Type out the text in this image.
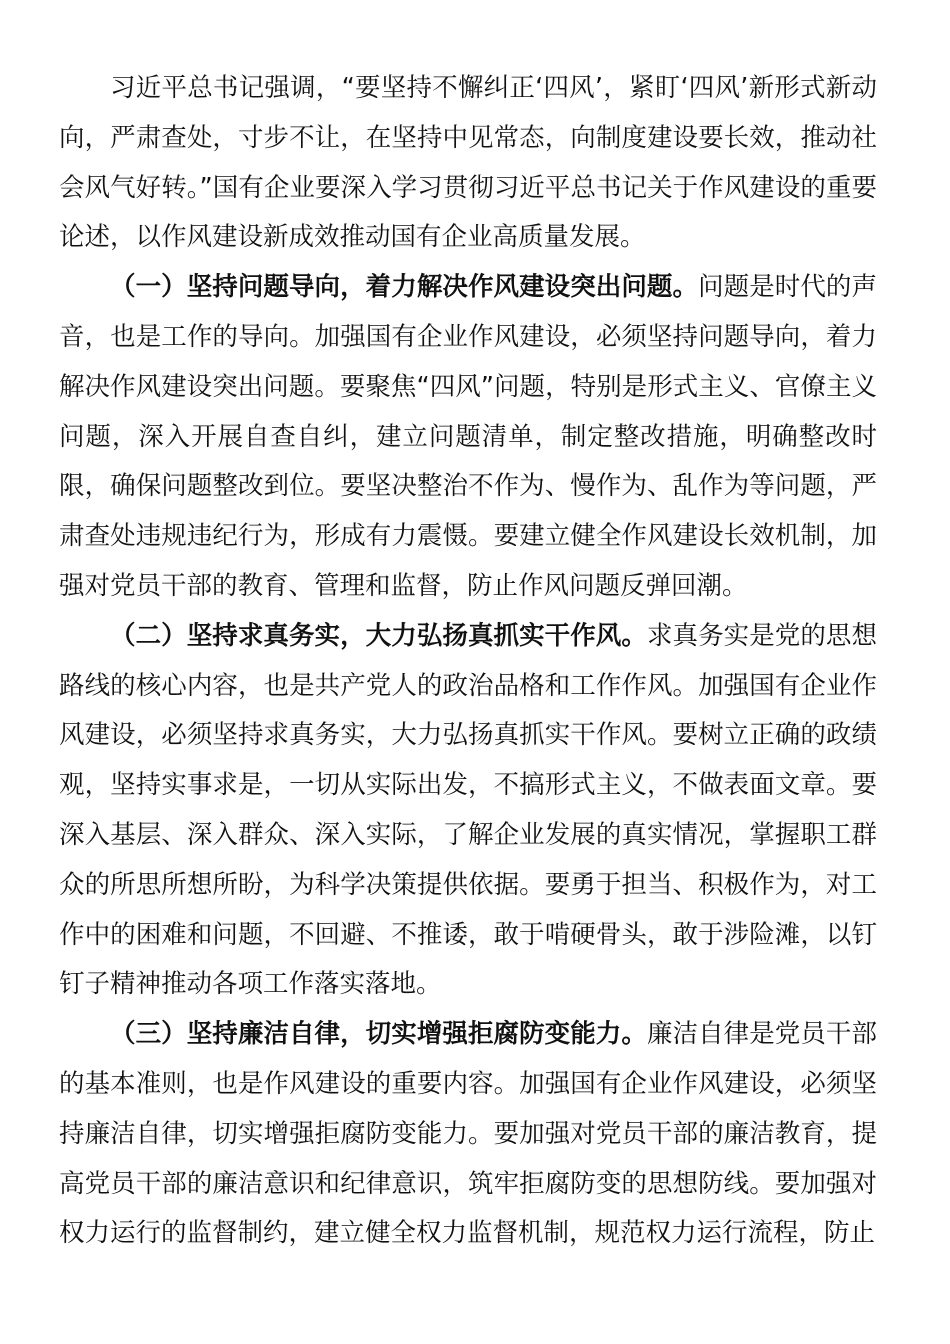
习近平总书记强调，“要坚持不懈纠正‘四风’，紧盯‘四风’新形式新动向，严肃查处，寸步不让，在坚持中见常态，向制度建设要长效，推动社会风气好转。”国有企业要深入学习贯彻习近平总书记关于作风建设的重要论述，以作风建设新成效推动国有企业高质量发展。

（一）坚持问题导向，着力解决作风建设突出问题。问题是时代的声音，也是工作的导向。加强国有企业作风建设，必须坚持问题导向，着力解决作风建设突出问题。要聚焦“四风”问题，特别是形式主义、官僚主义问题，深入开展自查自纠，建立问题清单，制定整改措施，明确整改时限，确保问题整改到位。要坚决整治不作为、慢作为、乱作为等问题，严肃查处违规违纪行为，形成有力震慑。要建立健全作风建设长效机制，加强对党员干部的教育、管理和监督，防止作风问题反弹回潮。

（二）坚持求真务实，大力弘扬真抓实干作风。求真务实是党的思想路线的核心内容，也是共产党人的政治品格和工作作风。加强国有企业作风建设，必须坚持求真务实，大力弘扬真抓实干作风。要树立正确的政绩观，坚持实事求是，一切从实际出发，不搞形式主义，不做表面文章。要深入基层、深入群众、深入实际，了解企业发展的真实情况，掌握职工群众的所思所想所盼，为科学决策提供依据。要勇于担当、积极作为，对工作中的困难和问题，不回避、不推诿，敢于啃硬骨头，敢于涉险滩，以钉钉子精神推动各项工作落实落地。

（三）坚持廉洁自律，切实增强拒腐防变能力。廉洁自律是党员干部的基本准则，也是作风建设的重要内容。加强国有企业作风建设，必须坚持廉洁自律，切实增强拒腐防变能力。要加强对党员干部的廉洁教育，提高党员干部的廉洁意识和纪律意识，筑牢拒腐防变的思想防线。要加强对权力运行的监督制约，建立健全权力监督机制，规范权力运行流程，防止
